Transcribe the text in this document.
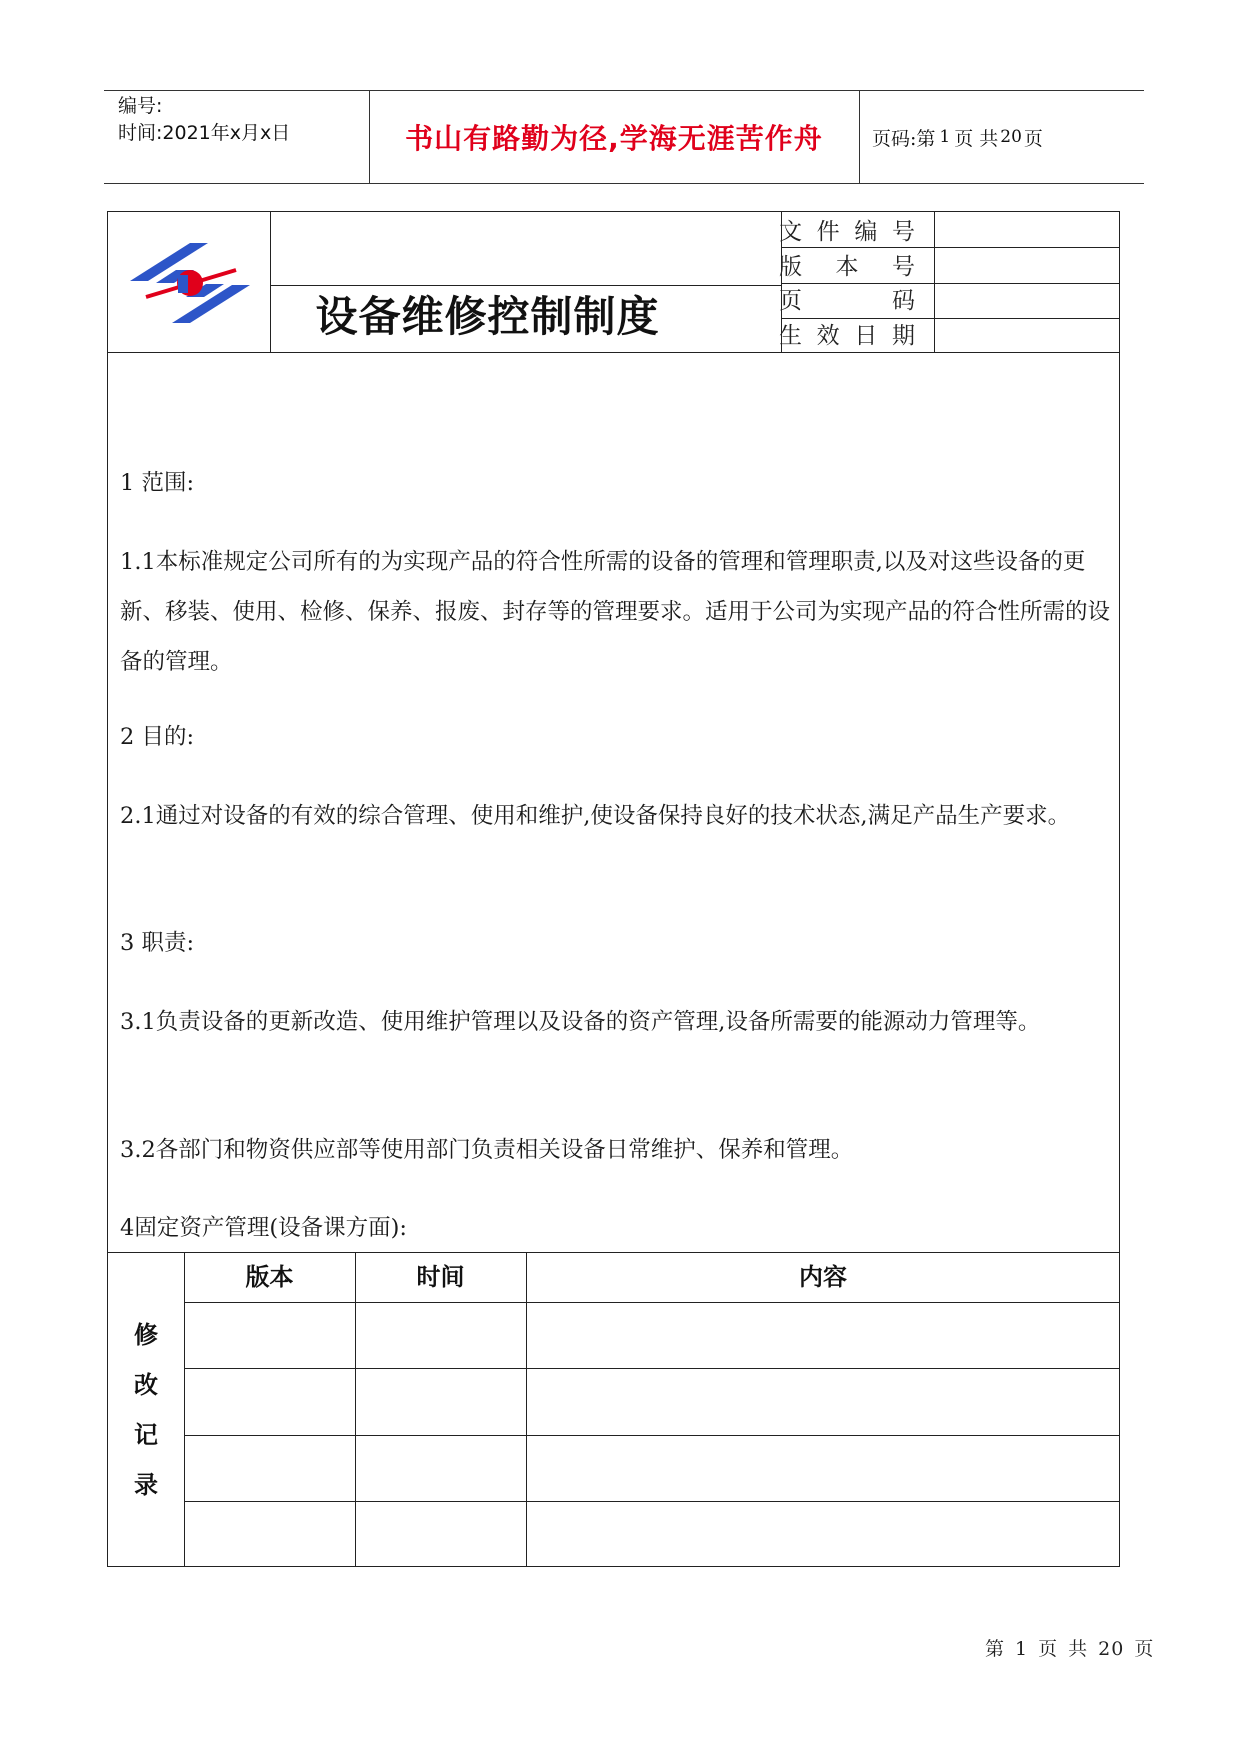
编号:
时间:2021年x月x日	书山有路勤为径,学海无涯苦作舟	页码:第 1 页 共 20 页
设备维修控制制度
文 件 编 号
版 本 号
页	码
生 效 日 期
1 范围:
1.1本标准规定公司所有的为实现产品的符合性所需的设备的管理和管理职责,以及对这些设备的更新、移装、使用、检修、保养、报废、封存等的管理要求。适用于公司为实现产品的符合性所需的设备的管理。
2 目的:
2.1通过对设备的有效的综合管理、使用和维护,使设备保持良好的技术状态,满足产品生产要求。
3 职责:
3.1负责设备的更新改造、使用维护管理以及设备的资产管理,设备所需要的能源动力管理等。
3.2各部门和物资供应部等使用部门负责相关设备日常维护、保养和管理。
4固定资产管理(设备课方面):
版本	时间	内容
修
改
记
录
第 1 页 共 20 页
